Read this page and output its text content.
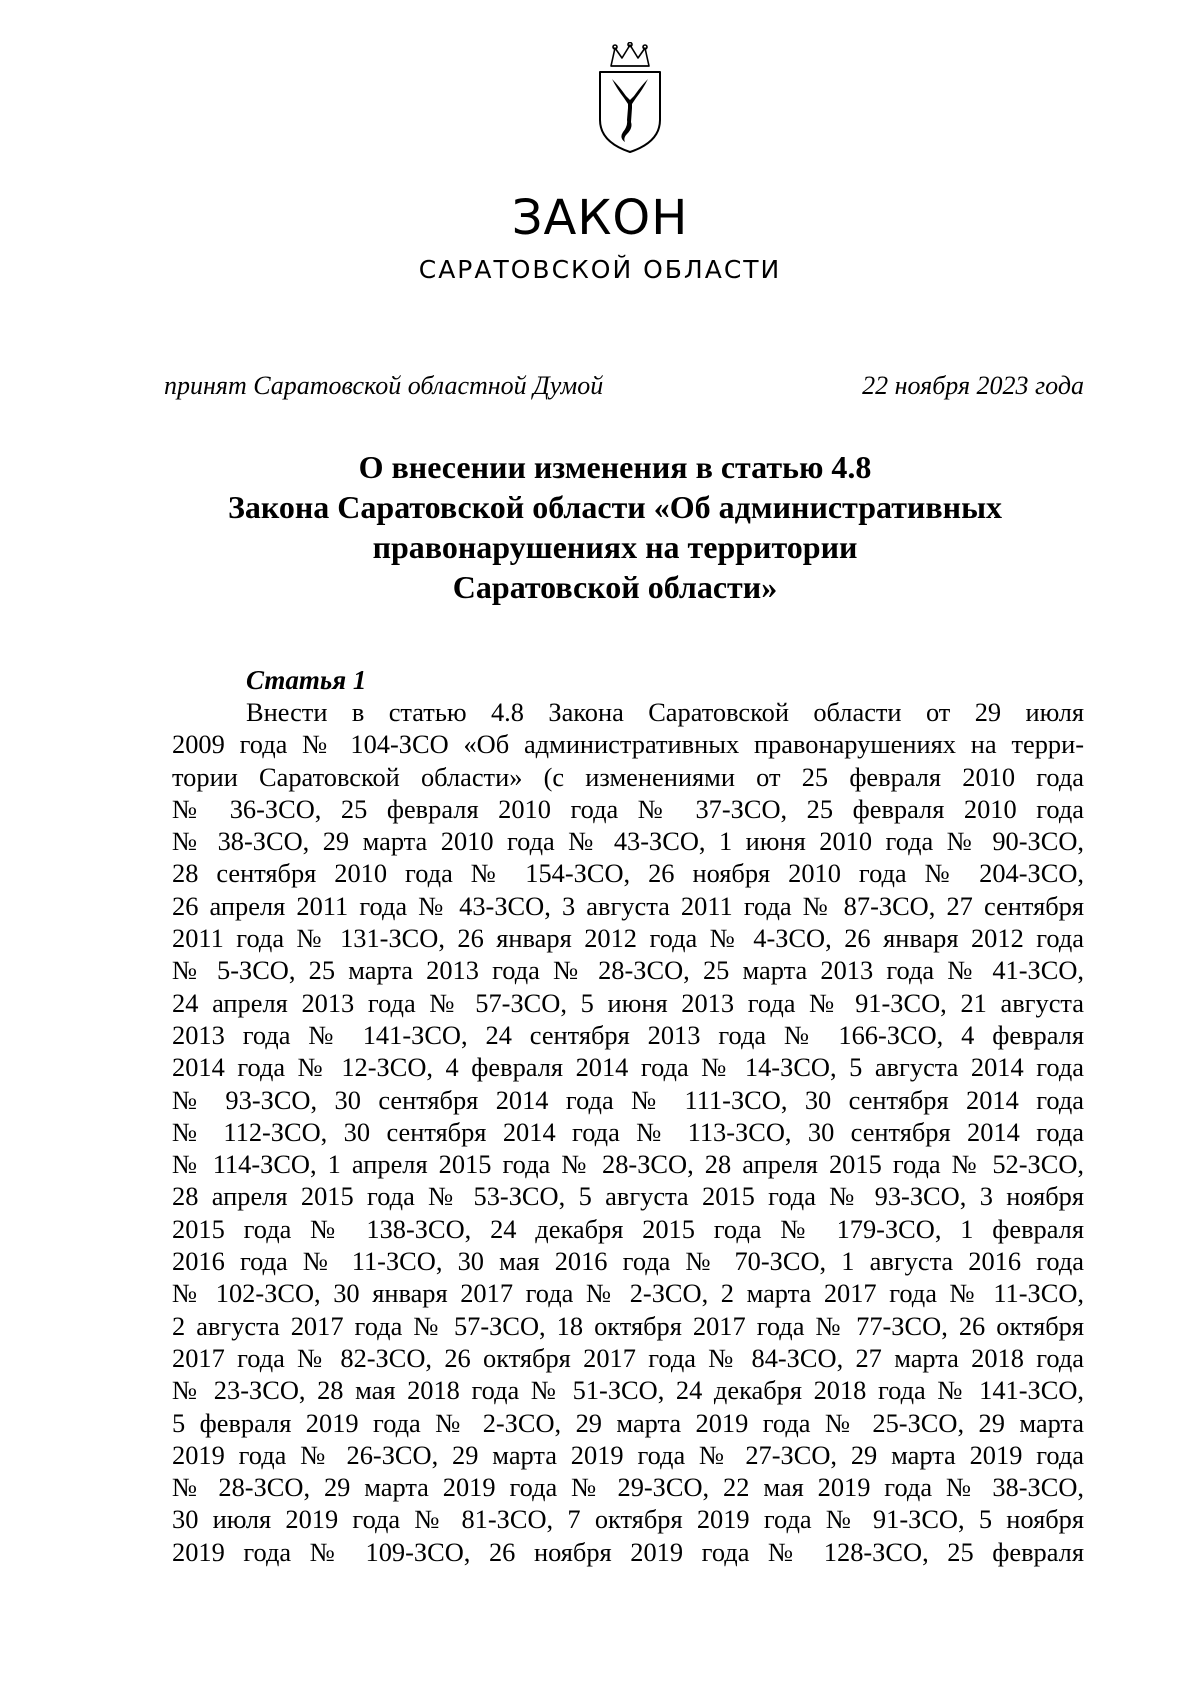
ЗАКОН
САРАТОВСКОЙ ОБЛАСТИ
принят Саратовской областной Думой	22 ноября 2023 года
О внесении изменения в статью 4.8
Закона Саратовской области «Об административных
правонарушениях на территории
Саратовской области»
Статья 1
Внести в статью 4.8 Закона Саратовской области от 29 июля
2009 года № 104-ЗСО «Об административных правонарушениях на терри-
тории Саратовской области» (с изменениями от 25 февраля 2010 года
№ 36-ЗСО, 25 февраля 2010 года № 37-ЗСО, 25 февраля 2010 года
№ 38-ЗСО, 29 марта 2010 года № 43-ЗСО, 1 июня 2010 года № 90-ЗСО,
28 сентября 2010 года № 154-ЗСО, 26 ноября 2010 года № 204-ЗСО,
26 апреля 2011 года № 43-ЗСО, 3 августа 2011 года № 87-ЗСО, 27 сентября
2011 года № 131-ЗСО, 26 января 2012 года № 4-ЗСО, 26 января 2012 года
№ 5-ЗСО, 25 марта 2013 года № 28-ЗСО, 25 марта 2013 года № 41-ЗСО,
24 апреля 2013 года № 57-ЗСО, 5 июня 2013 года № 91-ЗСО, 21 августа
2013 года № 141-ЗСО, 24 сентября 2013 года № 166-ЗСО, 4 февраля
2014 года № 12-ЗСО, 4 февраля 2014 года № 14-ЗСО, 5 августа 2014 года
№ 93-ЗСО, 30 сентября 2014 года № 111-ЗСО, 30 сентября 2014 года
№ 112-ЗСО, 30 сентября 2014 года № 113-ЗСО, 30 сентября 2014 года
№ 114-ЗСО, 1 апреля 2015 года № 28-ЗСО, 28 апреля 2015 года № 52-ЗСО,
28 апреля 2015 года № 53-ЗСО, 5 августа 2015 года № 93-ЗСО, 3 ноября
2015 года № 138-ЗСО, 24 декабря 2015 года № 179-ЗСО, 1 февраля
2016 года № 11-ЗСО, 30 мая 2016 года № 70-ЗСО, 1 августа 2016 года
№ 102-ЗСО, 30 января 2017 года № 2-ЗСО, 2 марта 2017 года № 11-ЗСО,
2 августа 2017 года № 57-ЗСО, 18 октября 2017 года № 77-ЗСО, 26 октября
2017 года № 82-ЗСО, 26 октября 2017 года № 84-ЗСО, 27 марта 2018 года
№ 23-ЗСО, 28 мая 2018 года № 51-ЗСО, 24 декабря 2018 года № 141-ЗСО,
5 февраля 2019 года № 2-ЗСО, 29 марта 2019 года № 25-ЗСО, 29 марта
2019 года № 26-ЗСО, 29 марта 2019 года № 27-ЗСО, 29 марта 2019 года
№ 28-ЗСО, 29 марта 2019 года № 29-ЗСО, 22 мая 2019 года № 38-ЗСО,
30 июля 2019 года № 81-ЗСО, 7 октября 2019 года № 91-ЗСО, 5 ноября
2019 года № 109-ЗСО, 26 ноября 2019 года № 128-ЗСО, 25 февраля
